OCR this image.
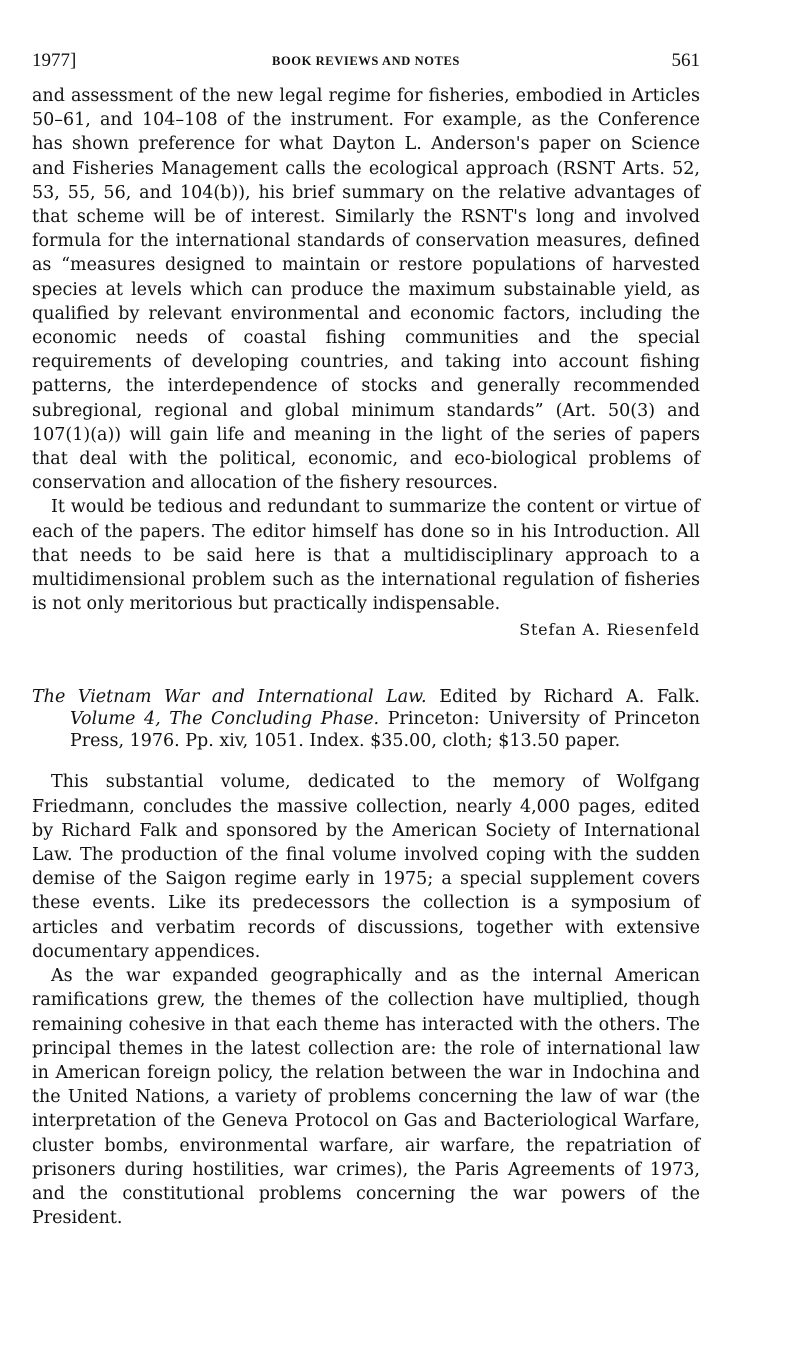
1977]	BOOK REVIEWS AND NOTES	561

and assessment of the new legal regime for fisheries, embodied in Articles 50–61, and 104–108 of the instrument. For example, as the Conference has shown preference for what Dayton L. Anderson's paper on Science and Fisheries Management calls the ecological approach (RSNT Arts. 52, 53, 55, 56, and 104(b)), his brief summary on the relative advantages of that scheme will be of interest. Similarly the RSNT's long and involved formula for the international standards of conservation measures, defined as “measures designed to maintain or restore populations of harvested species at levels which can produce the maximum substainable yield, as qualified by relevant environmental and economic factors, including the economic needs of coastal fishing communities and the special requirements of developing countries, and taking into account fishing patterns, the interdependence of stocks and generally recommended subregional, regional and global minimum standards” (Art. 50(3) and 107(1)(a)) will gain life and meaning in the light of the series of papers that deal with the political, economic, and eco-biological problems of conservation and allocation of the fishery resources.

It would be tedious and redundant to summarize the content or virtue of each of the papers. The editor himself has done so in his Introduction. All that needs to be said here is that a multidisciplinary approach to a multidimensional problem such as the international regulation of fisheries is not only meritorious but practically indispensable.

Stefan A. Riesenfeld
The Vietnam War and International Law. Edited by Richard A. Falk. Volume 4, The Concluding Phase. Princeton: University of Princeton Press, 1976. Pp. xiv, 1051. Index. $35.00, cloth; $13.50 paper.

This substantial volume, dedicated to the memory of Wolfgang Friedmann, concludes the massive collection, nearly 4,000 pages, edited by Richard Falk and sponsored by the American Society of International Law. The production of the final volume involved coping with the sudden demise of the Saigon regime early in 1975; a special supplement covers these events. Like its predecessors the collection is a symposium of articles and verbatim records of discussions, together with extensive documentary appendices.

As the war expanded geographically and as the internal American ramifications grew, the themes of the collection have multiplied, though remaining cohesive in that each theme has interacted with the others. The principal themes in the latest collection are: the role of international law in American foreign policy, the relation between the war in Indochina and the United Nations, a variety of problems concerning the law of war (the interpretation of the Geneva Protocol on Gas and Bacteriological Warfare, cluster bombs, environmental warfare, air warfare, the repatriation of prisoners during hostilities, war crimes), the Paris Agreements of 1973, and the constitutional problems concerning the war powers of the President.
